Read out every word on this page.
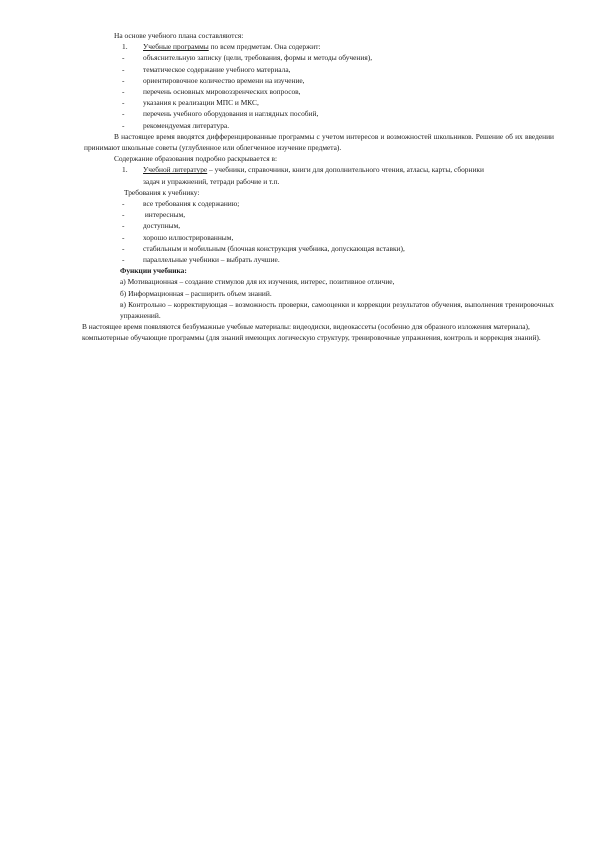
На основе учебного плана составляются:
1. Учебные программы по всем предметам. Она содержит:
-	объяснительную записку (цели, требования, формы и методы обучения),
-	тематическое содержание учебного материала,
-	ориентировочное количество времени на изучение,
-	перечень основных мировоззренческих вопросов,
-	указания к реализации МПС и МКС,
-	перечень учебного оборудования и наглядных пособий,
-	рекомендуемая литература.
В настоящее время вводятся дифференцированные программы с учетом интересов и возможностей школьников. Решение об их введении принимают школьные советы (углубленное или облегченное изучение предмета).
Содержание образования подробно раскрывается в:
1. Учебной литературе – учебники, справочники, книги для дополнительного чтения, атласы, карты, сборники
задач и упражнений, тетради рабочие и т.п.
Требования к учебнику:
-	все требования к содержанию;
-	интересным,
-	доступным,
-	хорошо иллюстрированным,
-	стабильным и мобильным (блочная конструкция учебника, допускающая вставки),
-	параллельные учебники – выбрать лучшие.
Функции учебника:
а) Мотивационная – создание стимулов для их изучения, интерес, позитивное отличие,
б) Информационная – расширить объем знаний.
в) Контрольно – корректирующая – возможность проверки, самооценки и коррекции результатов обучения, выполнения тренировочных упражнений.
В настоящее время появляются безбумажные учебные материалы: видеодиски, видеокассеты (особенно для образного изложения материала), компьютерные обучающие программы (для знаний имеющих логическую структуру, тренировочные упражнения, контроль и коррекция знаний).
